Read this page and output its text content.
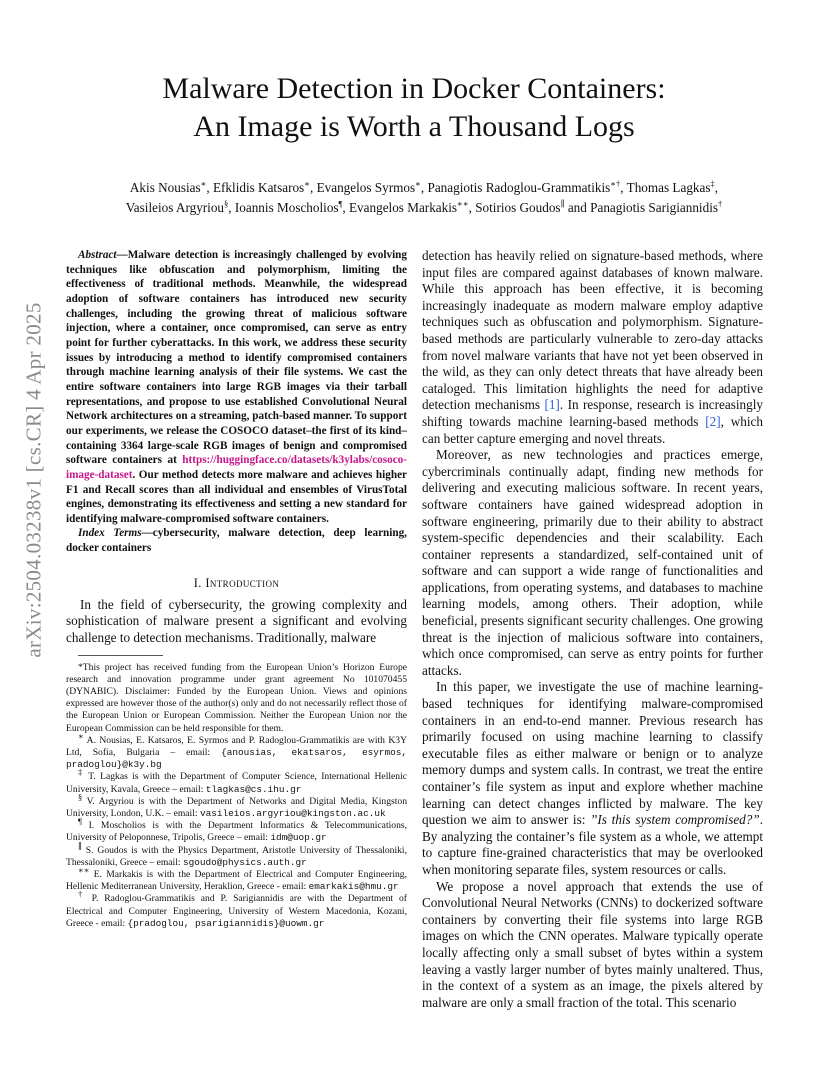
arXiv:2504.03238v1 [cs.CR] 4 Apr 2025
Malware Detection in Docker Containers:
An Image is Worth a Thousand Logs
Akis Nousias∗, Efklidis Katsaros∗, Evangelos Syrmos∗, Panagiotis Radoglou-Grammatikis∗†, Thomas Lagkas‡,
Vasileios Argyriou§, Ioannis Moscholios¶, Evangelos Markakis∗∗, Sotirios Goudos∥ and Panagiotis Sarigiannidis†

Abstract—Malware detection is increasingly challenged by evolving techniques like obfuscation and polymorphism, limiting the effectiveness of traditional methods. Meanwhile, the widespread adoption of software containers has introduced new security challenges, including the growing threat of malicious software injection, where a container, once compromised, can serve as entry point for further cyberattacks. In this work, we address these security issues by introducing a method to identify compromised containers through machine learning analysis of their file systems. We cast the entire software containers into large RGB images via their tarball representations, and propose to use established Convolutional Neural Network architectures on a streaming, patch-based manner. To support our experiments, we release the COSOCO dataset–the first of its kind–containing 3364 large-scale RGB images of benign and compromised software containers at https://huggingface.co/datasets/k3ylabs/cosoco-image-dataset. Our method detects more malware and achieves higher F1 and Recall scores than all individual and ensembles of VirusTotal engines, demonstrating its effectiveness and setting a new standard for identifying malware-compromised software containers.

Index Terms—cybersecurity, malware detection, deep learning, docker containers

I. Introduction

In the field of cybersecurity, the growing complexity and sophistication of malware present a significant and evolving challenge to detection mechanisms. Traditionally, malware

*This project has received funding from the European Union’s Horizon Europe research and innovation programme under grant agreement No 101070455 (DYNABIC). Disclaimer: Funded by the European Union. Views and opinions expressed are however those of the author(s) only and do not necessarily reflect those of the European Union or European Commission. Neither the European Union nor the European Commission can be held responsible for them.

∗ A. Nousias, E. Katsaros, E. Syrmos and P. Radoglou-Grammatikis are with K3Y Ltd, Sofia, Bulgaria – email: {anousias, ekatsaros, esyrmos, pradoglou}@k3y.bg

‡ T. Lagkas is with the Department of Computer Science, International Hellenic University, Kavala, Greece – email: tlagkas@cs.ihu.gr

§ V. Argyriou is with the Department of Networks and Digital Media, Kingston University, London, U.K. – email: vasileios.argyriou@kingston.ac.uk

¶ I. Moscholios is with the Department Informatics & Telecommunications, University of Peloponnese, Tripolis, Greece – email: idm@uop.gr

∥ S. Goudos is with the Physics Department, Aristotle University of Thessaloniki, Thessaloniki, Greece – email: sgoudo@physics.auth.gr

∗∗ E. Markakis is with the Department of Electrical and Computer Engineering, Hellenic Mediterranean University, Heraklion, Greece - email: emarkakis@hmu.gr

† P. Radoglou-Grammatikis and P. Sarigiannidis are with the Department of Electrical and Computer Engineering, University of Western Macedonia, Kozani, Greece - email: {pradoglou, psarigiannidis}@uowm.gr

detection has heavily relied on signature-based methods, where input files are compared against databases of known malware. While this approach has been effective, it is becoming increasingly inadequate as modern malware employ adaptive techniques such as obfuscation and polymorphism. Signature-based methods are particularly vulnerable to zero-day attacks from novel malware variants that have not yet been observed in the wild, as they can only detect threats that have already been cataloged. This limitation highlights the need for adaptive detection mechanisms [1]. In response, research is increasingly shifting towards machine learning-based methods [2], which can better capture emerging and novel threats.

Moreover, as new technologies and practices emerge, cybercriminals continually adapt, finding new methods for delivering and executing malicious software. In recent years, software containers have gained widespread adoption in software engineering, primarily due to their ability to abstract system-specific dependencies and their scalability. Each container represents a standardized, self-contained unit of software and can support a wide range of functionalities and applications, from operating systems, and databases to machine learning models, among others. Their adoption, while beneficial, presents significant security challenges. One growing threat is the injection of malicious software into containers, which once compromised, can serve as entry points for further attacks.

In this paper, we investigate the use of machine learning-based techniques for identifying malware-compromised containers in an end-to-end manner. Previous research has primarily focused on using machine learning to classify executable files as either malware or benign or to analyze memory dumps and system calls. In contrast, we treat the entire container’s file system as input and explore whether machine learning can detect changes inflicted by malware. The key question we aim to answer is: ”Is this system compromised?”. By analyzing the container’s file system as a whole, we attempt to capture fine-grained characteristics that may be overlooked when monitoring separate files, system resources or calls.

We propose a novel approach that extends the use of Convolutional Neural Networks (CNNs) to dockerized software containers by converting their file systems into large RGB images on which the CNN operates. Malware typically operate locally affecting only a small subset of bytes within a system leaving a vastly larger number of bytes mainly unaltered. Thus, in the context of a system as an image, the pixels altered by malware are only a small fraction of the total. This scenario
